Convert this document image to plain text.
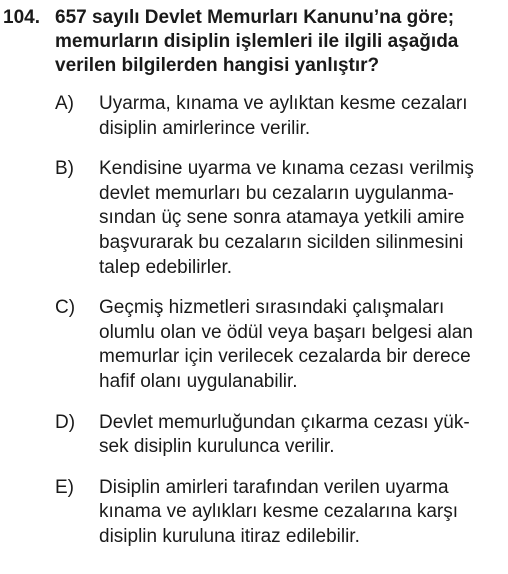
104. 657 sayılı Devlet Memurları Kanunu’na göre; memurların disiplin işlemleri ile ilgili aşağıda verilen bilgilerden hangisi yanlıştır?
A) Uyarma, kınama ve aylıktan kesme cezaları disiplin amirlerince verilir.
B) Kendisine uyarma ve kınama cezası verilmiş devlet memurları bu cezaların uygulanmasından üç sene sonra atamaya yetkili amire başvurarak bu cezaların sicilden silinmesini talep edebilirler.
C) Geçmiş hizmetleri sırasındaki çalışmaları olumlu olan ve ödül veya başarı belgesi alan memurlar için verilecek cezalarda bir derece hafif olanı uygulanabilir.
D) Devlet memurluğundan çıkarma cezası yüksek disiplin kurulunca verilir.
E) Disiplin amirleri tarafından verilen uyarma kınama ve aylıkları kesme cezalarına karşı disiplin kuruluna itiraz edilebilir.
